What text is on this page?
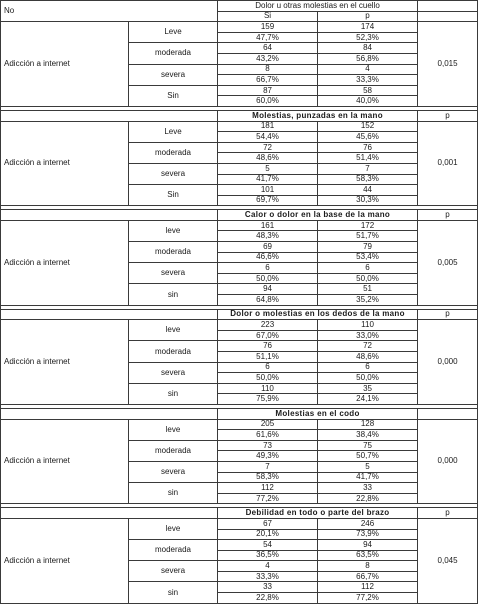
No		Dolor u otras molestias en el cuello		
		Si	p	
Adicción a internet	Leve	159	174	0,015
		47,7%	52,3%	
	moderada	64	84	
		43,2%	56,8%	
	severa	8	4	
		66,7%	33,3%	
	Sin	87	58	
		60,0%	40,0%	

		Molestias, punzadas en la mano		p
Adicción a internet	Leve	181	152	0,001
		54,4%	45,6%	
	moderada	72	76	
		48,6%	51,4%	
	severa	5	7	
		41,7%	58,3%	
	Sin	101	44	
		69,7%	30,3%	

		Calor o dolor en la base de la mano		p
Adicción a internet	leve	161	172	0,005
		48,3%	51,7%	
	moderada	69	79	
		46,6%	53,4%	
	severa	6	6	
		50,0%	50,0%	
	sin	94	51	
		64,8%	35,2%	

		Dolor o molestias en los dedos de la mano		p
Adicción a internet	leve	223	110	0,000
		67,0%	33,0%	
	moderada	76	72	
		51,1%	48,6%	
	severa	6	6	
		50,0%	50,0%	
	sin	110	35	
		75,9%	24,1%	

		Molestias en el codo		
Adicción a internet	leve	205	128	0,000
		61,6%	38,4%	
	moderada	73	75	
		49,3%	50,7%	
	severa	7	5	
		58,3%	41,7%	
	sin	112	33	
		77,2%	22,8%	

		Debilidad en todo o parte del brazo		p
Adicción a internet	leve	67	246	0,045
		20,1%	73,9%	
	moderada	54	94	
		36,5%	63,5%	
	severa	4	8	
		33,3%	66,7%	
	sin	33	112	
		22,8%	77,2%	
